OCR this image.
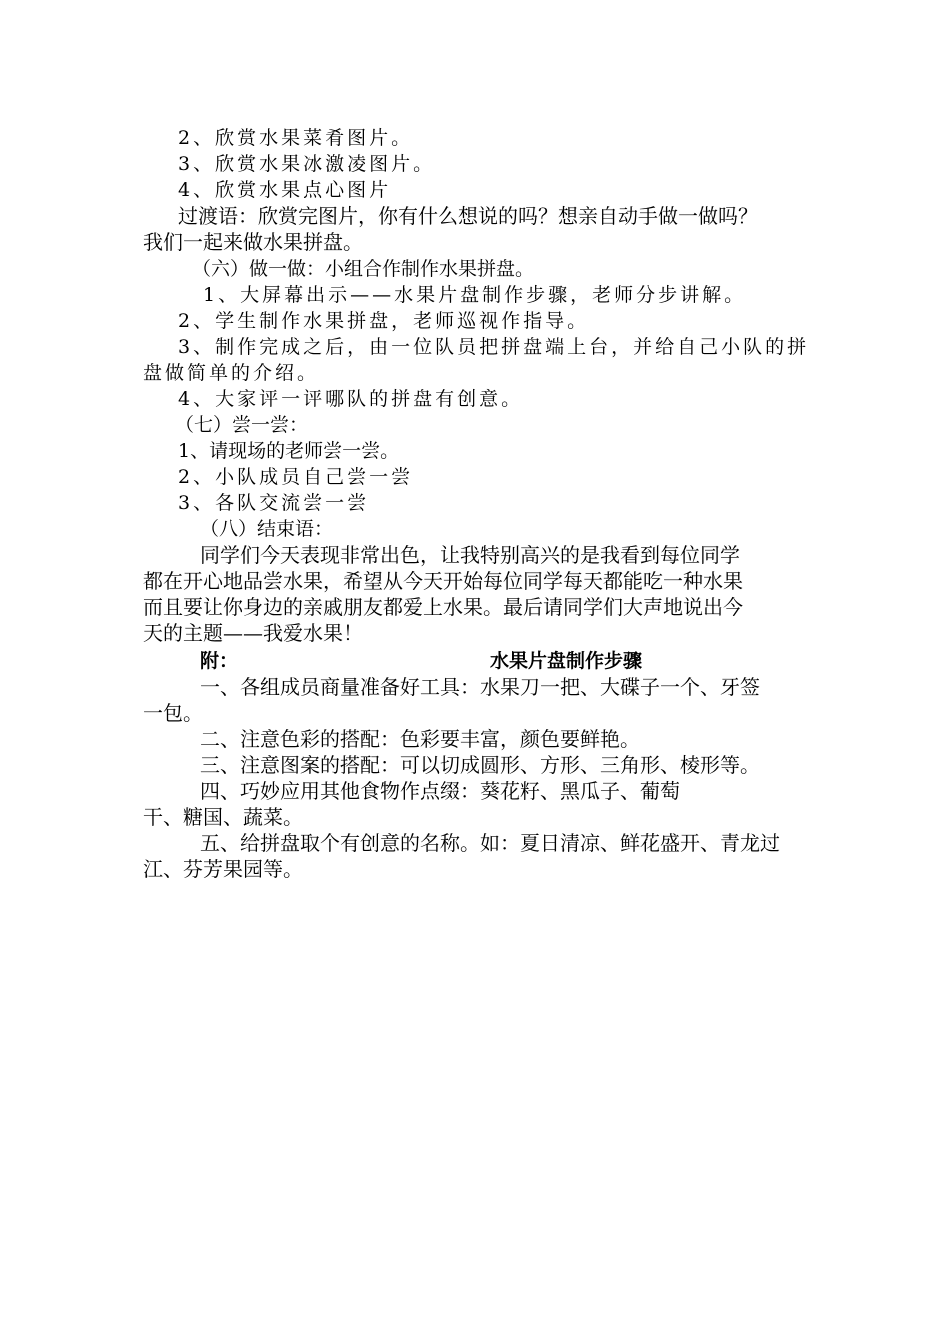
2、欣赏水果菜肴图片。
3、欣赏水果冰激凌图片。
4、欣赏水果点心图片
过渡语：欣赏完图片，你有什么想说的吗？想亲自动手做一做吗？
我们一起来做水果拼盘。
（六）做一做：小组合作制作水果拼盘。
1、大屏幕出示——水果片盘制作步骤，老师分步讲解。
2、学生制作水果拼盘，老师巡视作指导。
3、制作完成之后，由一位队员把拼盘端上台，并给自己小队的拼
盘做简单的介绍。
4、大家评一评哪队的拼盘有创意。
（七）尝一尝：
1、请现场的老师尝一尝。
2、小队成员自己尝一尝
3、各队交流尝一尝
（八）结束语：
同学们今天表现非常出色，让我特别高兴的是我看到每位同学
都在开心地品尝水果，希望从今天开始每位同学每天都能吃一种水果
而且要让你身边的亲戚朋友都爱上水果。最后请同学们大声地说出今
天的主题——我爱水果！
附：	水果片盘制作步骤
一、各组成员商量准备好工具：水果刀一把、大碟子一个、牙签
一包。
二、注意色彩的搭配：色彩要丰富，颜色要鲜艳。
三、注意图案的搭配：可以切成圆形、方形、三角形、棱形等。
四、巧妙应用其他食物作点缀：葵花籽、黑瓜子、葡萄
干、糖国、蔬菜。
五、给拼盘取个有创意的名称。如：夏日清凉、鲜花盛开、青龙过
江、芬芳果园等。
